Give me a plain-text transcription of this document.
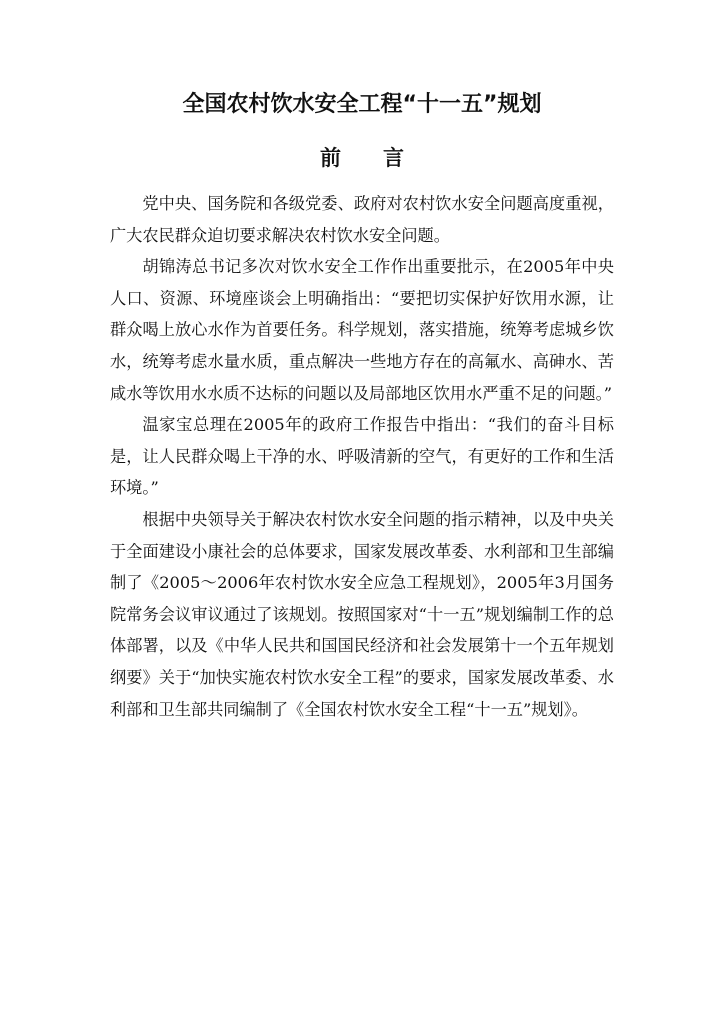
全国农村饮水安全工程“十一五”规划
前 言

党中央、国务院和各级党委、政府对农村饮水安全问题高度重视，广大农民群众迫切要求解决农村饮水安全问题。

胡锦涛总书记多次对饮水安全工作作出重要批示，在2005年中央人口、资源、环境座谈会上明确指出：“要把切实保护好饮用水源，让群众喝上放心水作为首要任务。科学规划，落实措施，统筹考虑城乡饮水，统筹考虑水量水质，重点解决一些地方存在的高氟水、高砷水、苦咸水等饮用水水质不达标的问题以及局部地区饮用水严重不足的问题。”

温家宝总理在2005年的政府工作报告中指出：“我们的奋斗目标是，让人民群众喝上干净的水、呼吸清新的空气，有更好的工作和生活环境。”

根据中央领导关于解决农村饮水安全问题的指示精神，以及中央关于全面建设小康社会的总体要求，国家发展改革委、水利部和卫生部编制了《2005～2006年农村饮水安全应急工程规划》，2005年3月国务院常务会议审议通过了该规划。按照国家对“十一五”规划编制工作的总体部署，以及《中华人民共和国国民经济和社会发展第十一个五年规划纲要》关于“加快实施农村饮水安全工程”的要求，国家发展改革委、水利部和卫生部共同编制了《全国农村饮水安全工程“十一五”规划》。
